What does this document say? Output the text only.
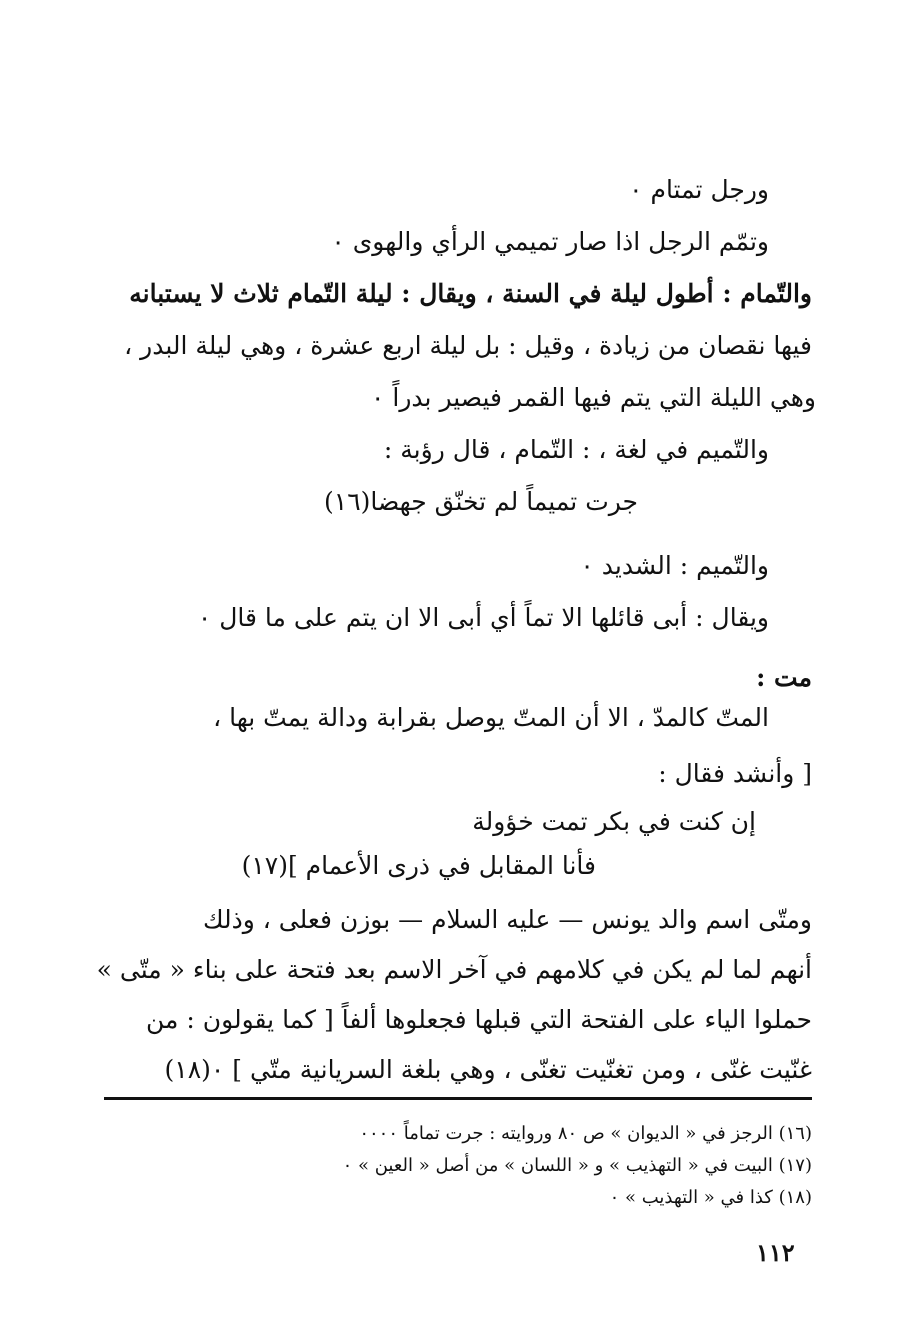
ورجل تمتام ٠
وتمّم الرجل اذا صار تميمي الرأي والهوى ٠
والتّمام : أطول ليلة في السنة ، ويقال : ليلة التّمام ثلاث لا يستبانه
فيها نقصان من زيادة ، وقيل : بل ليلة اربع عشرة ، وهي ليلة البدر ،
وهي الليلة التي يتم فيها القمر فيصير بدراً ٠
والتّميم في لغة ، : التّمام ، قال رؤبة :
جرت تميماً لم تخنّق جهضا(١٦)
والتّميم : الشديد ٠
ويقال : أبى قائلها الا تماً أي أبى الا ان يتم على ما قال ٠
مت :
المتّ كالمدّ ، الا أن المتّ يوصل بقرابة ودالة يمتّ بها ،
[ وأنشد فقال :
إن كنت في بكر تمت خؤولة
فأنا المقابل في ذرى الأعمام ](١٧)
ومتّى اسم والد يونس — عليه السلام — بوزن فعلى ، وذلك
أنهم لما لم يكن في كلامهم في آخر الاسم بعد فتحة على بناء « متّى »
حملوا الياء على الفتحة التي قبلها فجعلوها ألفاً [ كما يقولون : من
غنّيت غنّى ، ومن تغنّيت تغنّى ، وهي بلغة السريانية متّي ] ٠(١٨)
(١٦) الرجز في « الديوان » ص ٨٠ وروايته : جرت تماماً ٠٠٠٠
(١٧) البيت في « التهذيب » و « اللسان » من أصل « العين » ٠
(١٨) كذا في « التهذيب » ٠
١١٢
